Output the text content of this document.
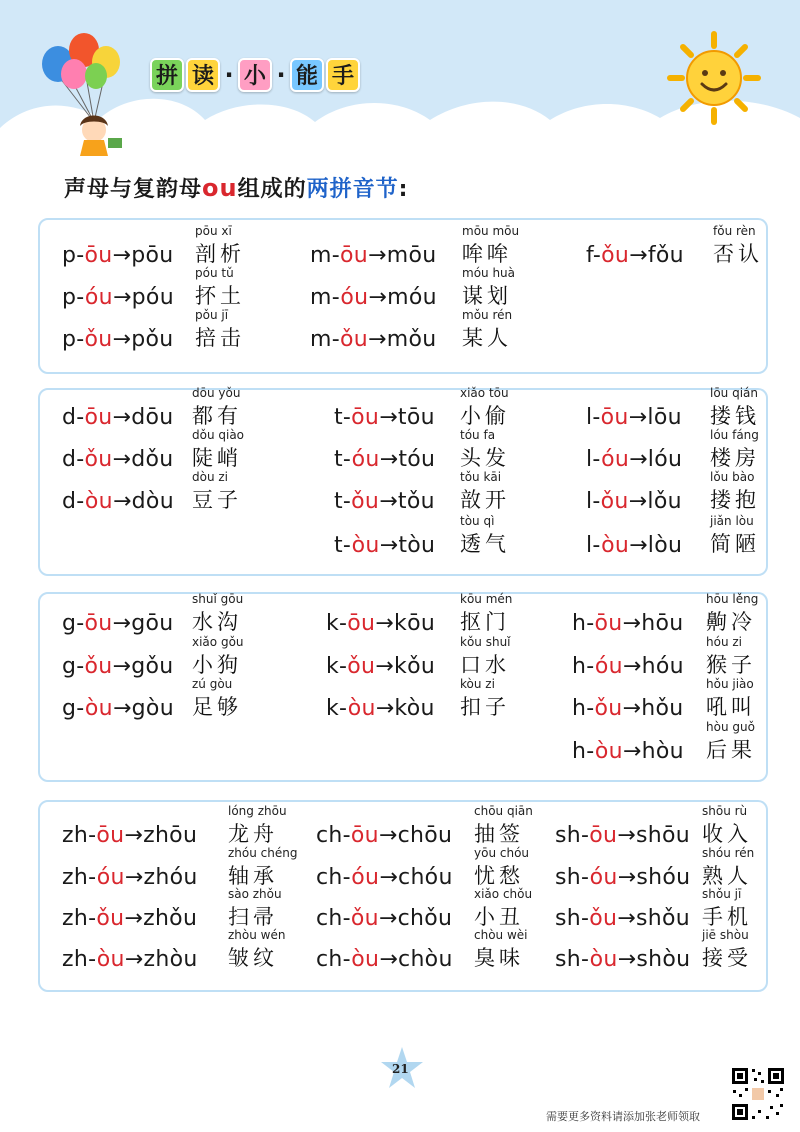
拼 读 · 小 · 能 手
声母与复韵母ou组成的两拼音节:
21
需要更多资料请添加张老师领取
p-ōu→pōu
pōu xī
剖析
p-óu→póu
póu tǔ
抔土
p-ǒu→pǒu
pǒu jī
掊击
m-ōu→mōu
mōu mōu
哞哞
m-óu→móu
móu huà
谋划
m-ǒu→mǒu
mǒu rén
某人
f-ǒu→fǒu
fǒu rèn
否认
d-ōu→dōu
dōu yǒu
都有
d-ǒu→dǒu
dǒu qiào
陡峭
d-òu→dòu
dòu zi
豆子
t-ōu→tōu
xiǎo tōu
小偷
t-óu→tóu
tóu fa
头发
t-ǒu→tǒu
tǒu kāi
敨开
t-òu→tòu
tòu qì
透气
l-ōu→lōu
lōu qián
搂钱
l-óu→lóu
lóu fáng
楼房
l-ǒu→lǒu
lǒu bào
搂抱
l-òu→lòu
jiǎn lòu
简陋
g-ōu→gōu
shuǐ gōu
水沟
g-ǒu→gǒu
xiǎo gǒu
小狗
g-òu→gòu
zú gòu
足够
k-ōu→kōu
kōu mén
抠门
k-ǒu→kǒu
kǒu shuǐ
口水
k-òu→kòu
kòu zi
扣子
h-ōu→hōu
hōu lěng
齁冷
h-óu→hóu
hóu zi
猴子
h-ǒu→hǒu
hǒu jiào
吼叫
h-òu→hòu
hòu guǒ
后果
zh-ōu→zhōu
lóng zhōu
龙舟
zh-óu→zhóu
zhóu chéng
轴承
zh-ǒu→zhǒu
sào zhǒu
扫帚
zh-òu→zhòu
zhòu wén
皱纹
ch-ōu→chōu
chōu qiān
抽签
ch-óu→chóu
yōu chóu
忧愁
ch-ǒu→chǒu
xiǎo chǒu
小丑
ch-òu→chòu
chòu wèi
臭味
sh-ōu→shōu
shōu rù
收入
sh-óu→shóu
shóu rén
熟人
sh-ǒu→shǒu
shǒu jī
手机
sh-òu→shòu
jiē shòu
接受
